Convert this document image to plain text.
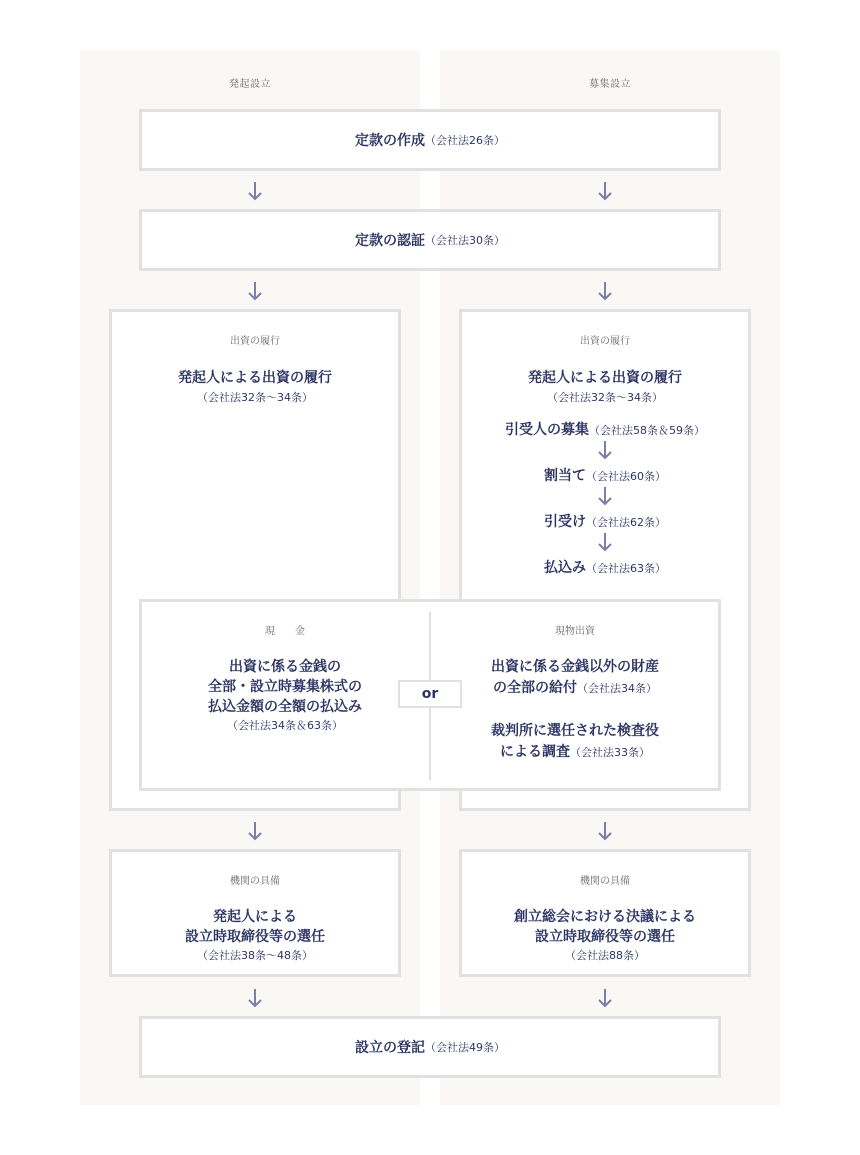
発起設立	募集設立
定款の作成 （会社法26条）
定款の認証 （会社法30条）
出資の履行
発起人による出資の履行
（会社法32条〜34条）
出資の履行
発起人による出資の履行
（会社法32条〜34条）
引受人の募集（会社法58条＆59条）
割当て（会社法60条）
引受け（会社法62条）
払込み（会社法63条）
現　　金
出資に係る金銭の
全部・設立時募集株式の
払込金額の全額の払込み
（会社法34条＆63条）
or
現物出資
出資に係る金銭以外の財産
の全部の給付（会社法34条）
裁判所に選任された検査役
による調査（会社法33条）
機関の具備
発起人による
設立時取締役等の選任
（会社法38条〜48条）
機関の具備
創立総会における決議による
設立時取締役等の選任
（会社法88条）
設立の登記 （会社法49条）
